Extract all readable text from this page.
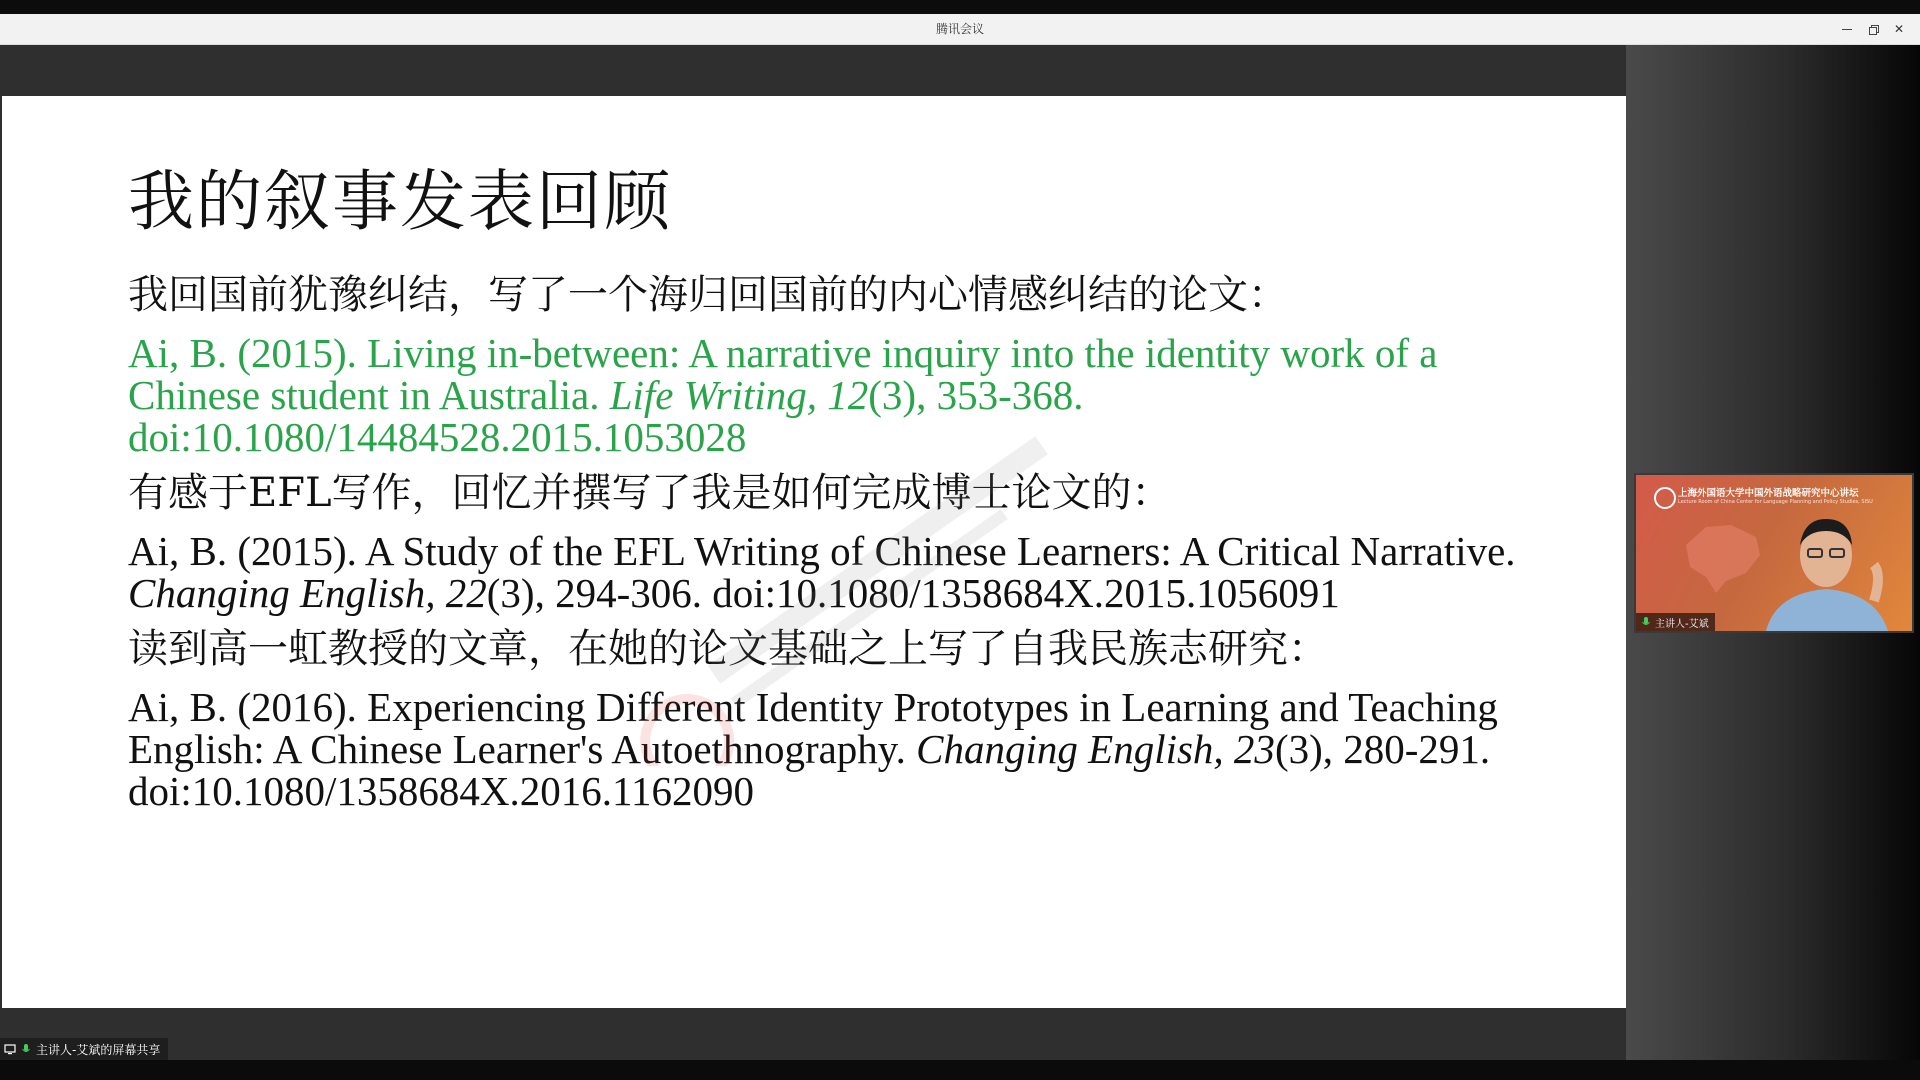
腾讯会议	✕
我的叙事发表回顾

我回国前犹豫纠结，写了一个海归回国前的内心情感纠结的论文：

Ai, B. (2015). Living in-between: A narrative inquiry into the identity work of a Chinese student in Australia. Life Writing, 12(3), 353-368. doi:10.1080/14484528.2015.1053028

有感于EFL写作，回忆并撰写了我是如何完成博士论文的：

Ai, B. (2015). A Study of the EFL Writing of Chinese Learners: A Critical Narrative. Changing English, 22(3), 294-306. doi:10.1080/1358684X.2015.1056091

读到高一虹教授的文章，在她的论文基础之上写了自我民族志研究：

Ai, B. (2016). Experiencing Different Identity Prototypes in Learning and Teaching English: A Chinese Learner's Autoethnography. Changing English, 23(3), 280-291. doi:10.1080/1358684X.2016.1162090

主讲人-艾斌的屏幕共享
上海外国语大学中国外语战略研究中心讲坛
Lecture Room of China Center for Language Planning and Policy Studies, SISU
主讲人-艾斌
